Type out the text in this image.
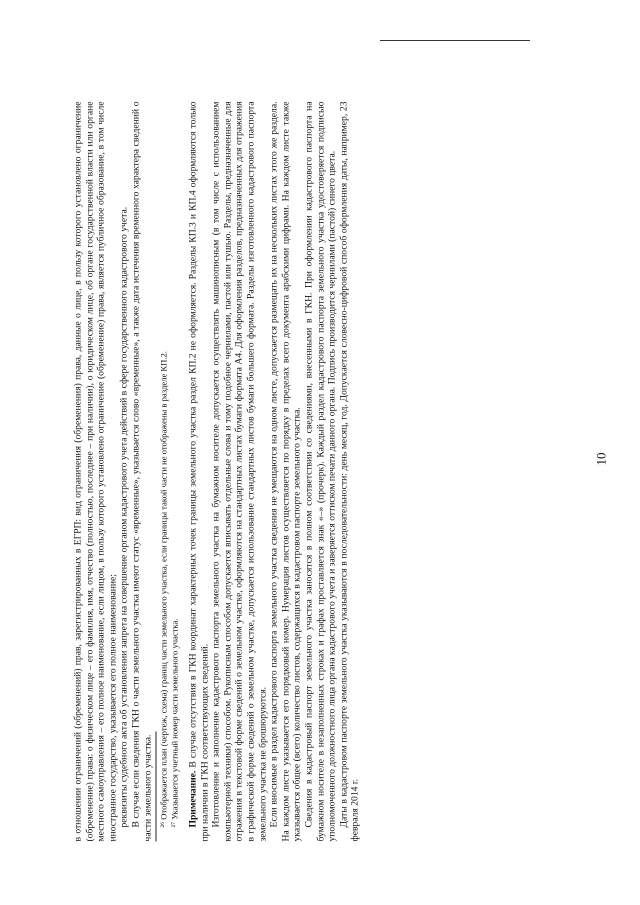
10

в отношении ограничений (обременений) прав, зарегистрированных в ЕГРП: вид ограничения (обременения) права, данные о лице, в пользу которого установлено ограничение (обременение) права: о физическом лице – его фамилия, имя, отчество (полностью, последнее – при наличии), о юридическом лице, об органе государственной власти или органе местного самоуправления – его полное наименование, если лицом, в пользу которого установлено ограничение (обременение) права, является публичное образование, в том числе иностранное государство, указывается его полное наименование; реквизиты судебного акта об установлении запрета на совершение органом кадастрового учета действий в сфере государственного кадастрового учета. В случае если сведения ГКН о части земельного участка имеют статус «временные», указывается слово «временные», а также дата истечения временного характера сведений о части земельного участка. ²⁶ Отображается план (чертеж, схема) границ части земельного участка, если границы такой части не отображены в разделе КП.2. ²⁷ Указывается учетный номер части земельного участка. Примечание. В случае отсутствия в ГКН координат характерных точек границы земельного участка раздел КП.2 не оформляется. Разделы КП.3 и КП.4 оформляются только при наличии в ГКН соответствующих сведений. Изготовление и заполнение кадастрового паспорта земельного участка на бумажном носителе допускается осуществлять машинописным (в том числе с использованием компьютерной техники) способом. Рукописным способом допускается вписывать отдельные слова и тому подобное чернилами, пастой или тушью. Разделы, предназначенные для отражения в текстовой форме сведений о земельном участке, оформляются на стандартных листах бумаги формата А4. Для оформления разделов, предназначенных для отражения в графической форме сведений о земельном участке, допускается использование стандартных листов бумаги большего формата. Разделы изготовленного кадастрового паспорта земельного участка не брошюруются. Если вносимые в раздел кадастрового паспорта земельного участка сведения не умещаются на одном листе, допускается размещать их на нескольких листах этого же раздела. На каждом листе указывается его порядковый номер. Нумерация листов осуществляется по порядку в пределах всего документа арабскими цифрами. На каждом листе также указывается общее (всего) количество листов, содержащихся в кадастровом паспорте земельного участка. Сведения в кадастровый паспорт земельного участка заносятся в полном соответствии со сведениями, внесенными в ГКН. При оформлении кадастрового паспорта на бумажном носителе в незаполненных строках и графах проставляется знак «–» (прочерк). Каждый раздел кадастрового паспорта земельного участка удостоверяется подписью уполномоченного должностного лица органа кадастрового учета и заверяется оттиском печати данного органа. Подпись производится чернилами (пастой) синего цвета. Даты в кадастровом паспорте земельного участка указываются в последовательности: день месяц, год. Допускается словесно-цифровой способ оформления даты, например, 23 февраля 2014 г.
